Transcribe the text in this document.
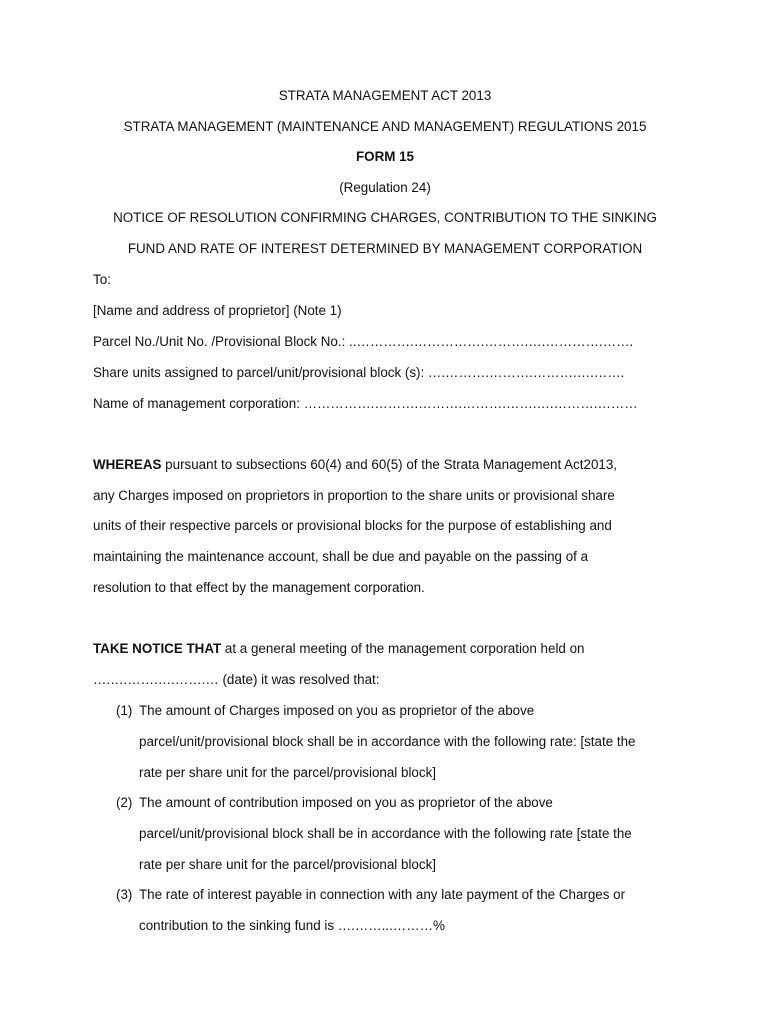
STRATA MANAGEMENT ACT 2013
STRATA MANAGEMENT (MAINTENANCE AND MANAGEMENT) REGULATIONS 2015
FORM 15
(Regulation 24)
NOTICE OF RESOLUTION CONFIRMING CHARGES, CONTRIBUTION TO THE SINKING
FUND AND RATE OF INTEREST DETERMINED BY MANAGEMENT CORPORATION
To:
[Name and address of proprietor] (Note 1)
Parcel No./Unit No. /Provisional Block No.: ..………….…………….……….….………….…….
Share units assigned to parcel/unit/provisional block (s): ….……….……….……….….…….
Name of management corporation: …………….……….……….……….…….….……….………
WHEREAS pursuant to subsections 60(4) and 60(5) of the Strata Management Act2013,
any Charges imposed on proprietors in proportion to the share units or provisional share
units of their respective parcels or provisional blocks for the purpose of establishing and
maintaining the maintenance account, shall be due and payable on the passing of a
resolution to that effect by the management corporation.
TAKE NOTICE THAT at a general meeting of the management corporation held on
….….…….….…….… (date) it was resolved that:
(1) The amount of Charges imposed on you as proprietor of the above
parcel/unit/provisional block shall be in accordance with the following rate: [state the
rate per share unit for the parcel/provisional block]
(2) The amount of contribution imposed on you as proprietor of the above
parcel/unit/provisional block shall be in accordance with the following rate [state the
rate per share unit for the parcel/provisional block]
(3) The rate of interest payable in connection with any late payment of the Charges or
contribution to the sinking fund is ….……...………%
